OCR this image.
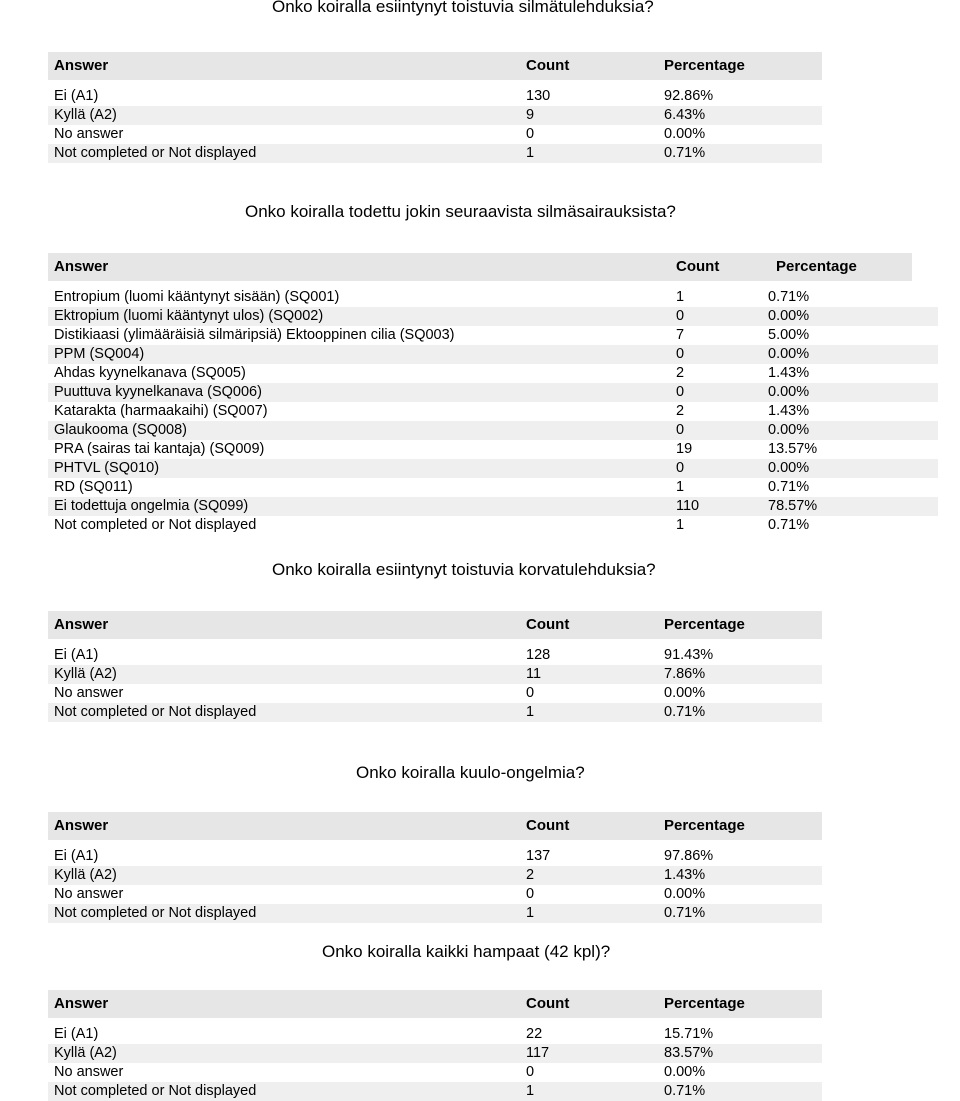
Onko koiralla esiintynyt toistuvia silmätulehduksia?
Answer	Count	Percentage

Ei (A1)	130	92.86%
Kyllä (A2)	9	6.43%
No answer	0	0.00%
Not completed or Not displayed	1	0.71%
Onko koiralla todettu jokin seuraavista silmäsairauksista?
Answer	Count	Percentage
Entropium (luomi kääntynyt sisään) (SQ001)	1	0.71%
Ektropium (luomi kääntynyt ulos) (SQ002)	0	0.00%
Distikiaasi (ylimääräisiä silmäripsiä) Ektooppinen cilia (SQ003)	7	5.00%
PPM (SQ004)	0	0.00%
Ahdas kyynelkanava (SQ005)	2	1.43%
Puuttuva kyynelkanava (SQ006)	0	0.00%
Katarakta (harmaakaihi) (SQ007)	2	1.43%
Glaukooma (SQ008)	0	0.00%
PRA (sairas tai kantaja) (SQ009)	19	13.57%
PHTVL (SQ010)	0	0.00%
RD (SQ011)	1	0.71%
Ei todettuja ongelmia (SQ099)	110	78.57%
Not completed or Not displayed	1	0.71%
Onko koiralla esiintynyt toistuvia korvatulehduksia?
Answer	Count	Percentage

Ei (A1)	128	91.43%
Kyllä (A2)	11	7.86%
No answer	0	0.00%
Not completed or Not displayed	1	0.71%
Onko koiralla kuulo-ongelmia?
Answer	Count	Percentage

Ei (A1)	137	97.86%
Kyllä (A2)	2	1.43%
No answer	0	0.00%
Not completed or Not displayed	1	0.71%
Onko koiralla kaikki hampaat (42 kpl)?
Answer	Count	Percentage

Ei (A1)	22	15.71%
Kyllä (A2)	117	83.57%
No answer	0	0.00%
Not completed or Not displayed	1	0.71%
